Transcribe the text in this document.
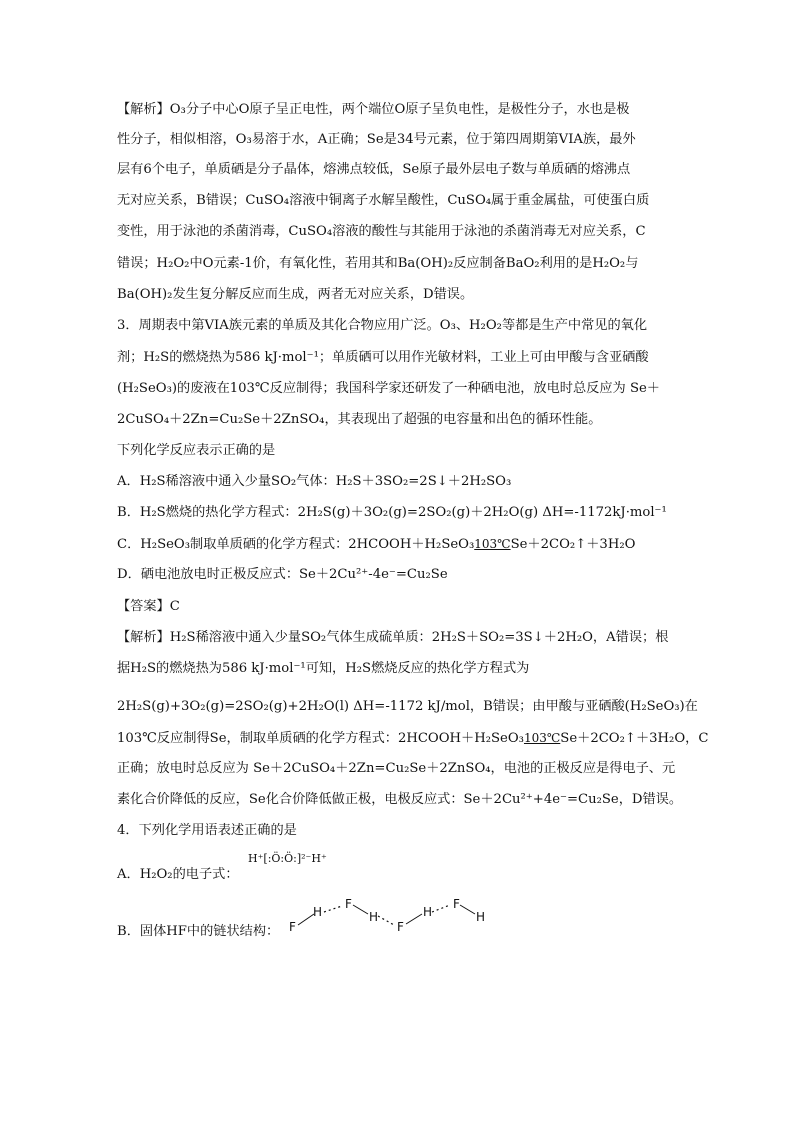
【解析】O₃分子中心O原子呈正电性，两个端位O原子呈负电性，是极性分子，水也是极
性分子，相似相溶，O₃易溶于水，A正确；Se是34号元素，位于第四周期第VIA族，最外
层有6个电子，单质硒是分子晶体，熔沸点较低，Se原子最外层电子数与单质硒的熔沸点
无对应关系，B错误；CuSO₄溶液中铜离子水解呈酸性，CuSO₄属于重金属盐，可使蛋白质
变性，用于泳池的杀菌消毒，CuSO₄溶液的酸性与其能用于泳池的杀菌消毒无对应关系，C
错误；H₂O₂中O元素-1价，有氧化性，若用其和Ba(OH)₂反应制备BaO₂利用的是H₂O₂与
Ba(OH)₂发生复分解反应而生成，两者无对应关系，D错误。
3．周期表中第VIA族元素的单质及其化合物应用广泛。O₃、H₂O₂等都是生产中常见的氧化
剂；H₂S的燃烧热为586 kJ·mol⁻¹；单质硒可以用作光敏材料，工业上可由甲酸与含亚硒酸
(H₂SeO₃)的废液在103℃反应制得；我国科学家还研发了一种硒电池，放电时总反应为 Se＋
2CuSO₄＋2Zn=Cu₂Se＋2ZnSO₄，其表现出了超强的电容量和出色的循环性能。
下列化学反应表示正确的是
A．H₂S稀溶液中通入少量SO₂气体：H₂S＋3SO₂=2S↓＋2H₂SO₃
B．H₂S燃烧的热化学方程式：2H₂S(g)＋3O₂(g)=2SO₂(g)＋2H₂O(g) ΔH=-1172kJ·mol⁻¹
C．H₂SeO₃制取单质硒的化学方程式：2HCOOH＋H₂SeO₃103℃Se＋2CO₂↑＋3H₂O
D．硒电池放电时正极反应式：Se＋2Cu²⁺-4e⁻=Cu₂Se
【答案】C
【解析】H₂S稀溶液中通入少量SO₂气体生成硫单质：2H₂S＋SO₂=3S↓＋2H₂O，A错误；根
据H₂S的燃烧热为586 kJ·mol⁻¹可知，H₂S燃烧反应的热化学方程式为
2H₂S(g)+3O₂(g)=2SO₂(g)+2H₂O(l) ΔH=-1172 kJ/mol，B错误；由甲酸与亚硒酸(H₂SeO₃)在
103℃反应制得Se，制取单质硒的化学方程式：2HCOOH＋H₂SeO₃103℃Se＋2CO₂↑＋3H₂O，C
正确；放电时总反应为 Se＋2CuSO₄＋2Zn=Cu₂Se＋2ZnSO₄，电池的正极反应是得电子、元
素化合价降低的反应，Se化合价降低做正极，电极反应式：Se＋2Cu²⁺+4e⁻=Cu₂Se，D错误。
4．下列化学用语表述正确的是
A．H₂O₂的电子式：
H⁺[:Ö:Ö:]²⁻H⁺
B．固体HF中的链状结构： F
H
F
H
F
H
F
H
